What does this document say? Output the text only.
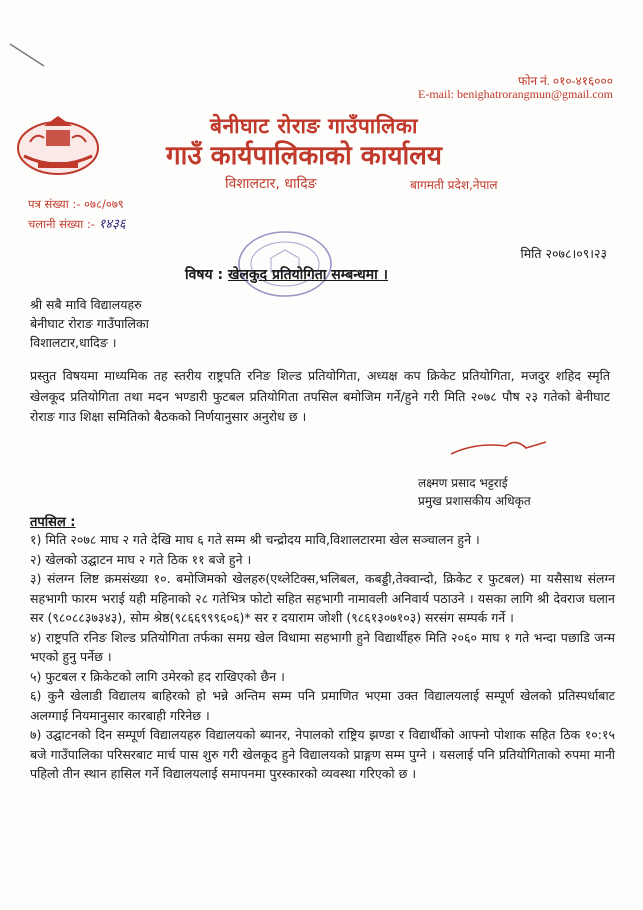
फोन नं. ०१०-४१६०००
E-mail: benighatrorangmun@gmail.com
बेनीघाट रोराङ गाउँपालिका
गाउँ कार्यपालिकाको कार्यालय
विशालटार, धादिङ	बागमती प्रदेश,नेपाल
पत्र संख्या :- ०७८/०७९
चलानी संख्या :- १४३६
मिति २०७८।०९।२३
विषय : खेलकुद प्रतियोगिता सम्बन्धमा ।
श्री सबै मावि विद्यालयहरु
बेनीघाट रोराङ गाउँपालिका
विशालटार,धादिङ ।
प्रस्तुत विषयमा माध्यमिक तह स्तरीय राष्ट्रपति रनिङ शिल्ड प्रतियोगिता, अध्यक्ष कप क्रिकेट प्रतियोगिता, मजदुर शहिद स्मृति खेलकूद प्रतियोगिता तथा मदन भण्डारी फुटबल प्रतियोगिता तपसिल बमोजिम गर्ने/हुने गरी मिति २०७८ पौष २३ गतेको बेनीघाट रोराङ गाउ शिक्षा समितिको बैठकको निर्णयानुसार अनुरोध छ ।
लक्ष्मण प्रसाद भट्टराई
प्रमुख प्रशासकीय अधिकृत
तपसिल :

१) मिति २०७८ माघ २ गते देखि माघ ६ गते सम्म श्री चन्द्रोदय मावि,विशालटारमा खेल सञ्चालन हुने ।

२) खेलको उद्घाटन माघ २ गते ठिक ११ बजे हुने ।

३) संलग्न लिष्ट क्रमसंख्या १०. बमोजिमको खेलहरु(एथ्लेटिक्स,भलिबल, कबड्डी,तेक्वान्दो, क्रिकेट र फुटबल) मा यसैसाथ संलग्न सहभागी फारम भराई यही महिनाको २८ गतेभित्र फोटो सहित सहभागी नामावली अनिवार्य पठाउने । यसका लागि श्री देवराज घलान सर (९८०८८३७३४३), सोम श्रेष्ठ(९८६६९९९६०६)* सर र दयाराम जोशी (९८६१३०७१०३) सरसंग सम्पर्क गर्ने ।

४) राष्ट्रपति रनिङ शिल्ड प्रतियोगिता तर्फका समग्र खेल विधामा सहभागी हुने विद्यार्थीहरु मिति २०६० माघ १ गते भन्दा पछाडि जन्म भएको हुनु पर्नेछ ।

५) फुटबल र क्रिकेटको लागि उमेरको हद राखिएको छैन ।

६) कुनै खेलाडी विद्यालय बाहिरको हो भन्ने अन्तिम सम्म पनि प्रमाणित भएमा उक्त विद्यालयलाई सम्पूर्ण खेलको प्रतिस्पर्धाबाट अलग्गाई नियमानुसार कारबाही गरिनेछ ।

७) उद्घाटनको दिन सम्पूर्ण विद्यालयहरु विद्यालयको ब्यानर, नेपालको राष्ट्रिय झण्डा र विद्यार्थीको आफ्नो पोशाक सहित ठिक १०:१५ बजे गाउँपालिका परिसरबाट मार्च पास शुरु गरी खेलकूद हुने विद्यालयको प्राङ्गण सम्म पुग्ने । यसलाई पनि प्रतियोगिताको रुपमा मानी पहिलो तीन स्थान हासिल गर्ने विद्यालयलाई समापनमा पुरस्कारको व्यवस्था गरिएको छ ।
